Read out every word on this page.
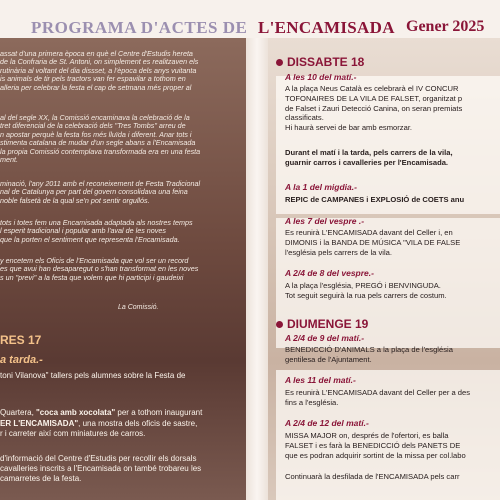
PROGRAMA D'ACTES DE L'ENCAMISADA Gener 2025
assat d'una primera època en què el Centre d'Estudis hereta
de la Confraria de St. Antoni, on simplement es realitzaven els
rutinària al voltant del dia dissset, a l'època dels anys vuitanta
is animals de tir pels tractors van fer espavilar a tothom en
alleria per celebrar la festa el cap de setmana més proper al
al del segle XX, la Comissió encaminava la celebració de la
tret diferencial de la celebració dels "Tres Tombs" arreu de
n apostar perquè la festa fos més lluïda i diferent. Anar tots i
stimenta catalana de mudar d'un segle abans a l'Encamisada
la propia Comissió contemplava transformada era en una festa
ment.
minació, l'any 2011 amb el reconeixement de Festa Tradicional
nal de Catalunya per part del govern consolidava una feina
noble falsetà de la qual se'n pot sentir orgullós.
tots i totes fem una Encamisada adaptada als nostres temps
l esperit tradicional i popular amb l'aval de les noves
que la porten el sentiment que representa l'Encamisada.
y encetem els Oficis de l'Encamisada que vol ser un record
es que avui han desaparegut o s'han transformat en les noves
s un "previ" a la festa que volem que hi participi i gaudeixi
La Comissió.
RES 17
a tarda.-
toni Vilanova" tallers pels alumnes sobre la Festa de
Quartera, "coca amb xocolata" per a tothom inaugurant
ER L'ENCAMISADA", una mostra dels oficis de sastre,
r i carreter així com miniatures de carros.
d'informació del Centre d'Estudis per recollir els dorsals
cavalleries inscrits a l'Encamisada on també trobareu les
camarretes de la festa.
DISSABTE 18
A les 10 del matí.-
A la plaça Neus Català es celebrarà el IV CONCUR
TOFONAIRES DE LA VILA DE FALSET, organitzat p
de Falset i Zauri Detecció Canina, on seran premiats
classificats.
Hi haurà servei de bar amb esmorzar.
Durant el matí i la tarda, pels carrers de la vila,
guarnir carros i cavalleries per l'Encamisada.
A la 1 del migdia.-
REPIC de CAMPANES i EXPLOSIÓ de COETS anu
A les 7 del vespre .-
Es reunirà L'ENCAMISADA davant del Celler i, en
DIMONIS i la BANDA DE MÚSICA "VILA DE FALSE
l'església pels carrers de la vila.
A 2/4 de 8 del vespre.-
A la plaça l'església, PREGÓ i BENVINGUDA.
Tot seguit seguirà la rua pels carrers de costum.
DIUMENGE 19
A 2/4 de 9 del matí.-
BENEDICCIÓ D'ANIMALS a la plaça de l'església
gentilesa de l'Ajuntament.
A les 11 del matí.-
Es reunirà L'ENCAMISADA davant del Celler per a des
fins a l'església.
A 2/4 de 12 del matí.-
MISSA MAJOR on, després de l'ofertori, es balla
FALSET i es farà la BENEDICCIÓ dels PANETS DE
que es podran adquirir sortint de la missa per col.labo
Continuarà la desfilada de l'ENCAMISADA pels carr
